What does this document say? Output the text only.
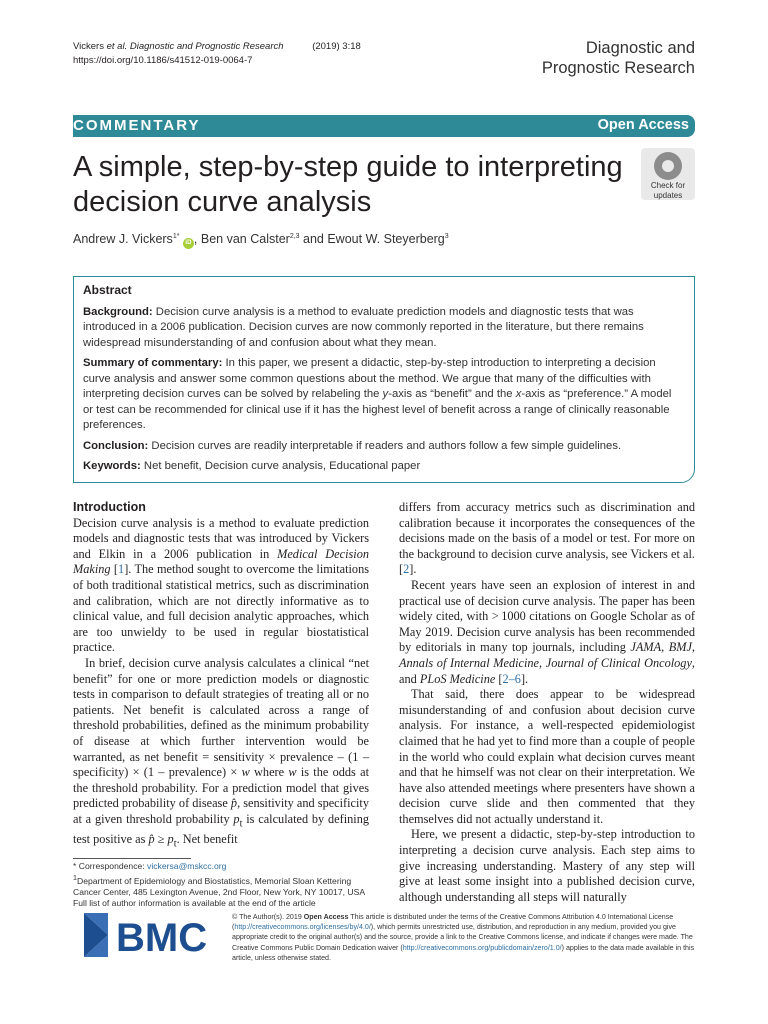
Vickers et al. Diagnostic and Prognostic Research	(2019) 3:18
https://doi.org/10.1186/s41512-019-0064-7
Diagnostic and
Prognostic Research
COMMENTARY	Open Access
A simple, step-by-step guide to interpreting decision curve analysis
Check for
updates
Andrew J. Vickers$^{1*}$ iD , Ben van Calster$^{2,3}$ and Ewout W. Steyerberg$^3$
Abstract

Background: Decision curve analysis is a method to evaluate prediction models and diagnostic tests that was introduced in a 2006 publication. Decision curves are now commonly reported in the literature, but there remains widespread misunderstanding of and confusion about what they mean.

Summary of commentary: In this paper, we present a didactic, step-by-step introduction to interpreting a decision curve analysis and answer some common questions about the method. We argue that many of the difficulties with interpreting decision curves can be solved by relabeling the y-axis as “benefit” and the x-axis as “preference.” A model or test can be recommended for clinical use if it has the highest level of benefit across a range of clinically reasonable preferences.

Conclusion: Decision curves are readily interpretable if readers and authors follow a few simple guidelines.

Keywords: Net benefit, Decision curve analysis, Educational paper

Introduction

Decision curve analysis is a method to evaluate prediction models and diagnostic tests that was introduced by Vickers and Elkin in a 2006 publication in Medical Decision Making [1]. The method sought to overcome the limitations of both traditional statistical metrics, such as discrimination and calibration, which are not directly informative as to clinical value, and full decision analytic approaches, which are too unwieldy to be used in regular biostatistical practice.

In brief, decision curve analysis calculates a clinical “net benefit” for one or more prediction models or diagnostic tests in comparison to default strategies of treating all or no patients. Net benefit is calculated across a range of threshold probabilities, defined as the minimum probability of disease at which further intervention would be warranted, as net benefit = sensitivity × prevalence – (1 – specificity) × (1 – prevalence) × w where w is the odds at the threshold probability. For a prediction model that gives predicted probability of disease p̂, sensitivity and specificity at a given threshold probability $p_t$ is calculated by defining test positive as p̂ ≥ $p_t$. Net benefit

differs from accuracy metrics such as discrimination and calibration because it incorporates the consequences of the decisions made on the basis of a model or test. For more on the background to decision curve analysis, see Vickers et al. [2].

Recent years have seen an explosion of interest in and practical use of decision curve analysis. The paper has been widely cited, with > 1000 citations on Google Scholar as of May 2019. Decision curve analysis has been recommended by editorials in many top journals, including JAMA, BMJ, Annals of Internal Medicine, Journal of Clinical Oncology, and PLoS Medicine [2–6].

That said, there does appear to be widespread misunderstanding of and confusion about decision curve analysis. For instance, a well-respected epidemiologist claimed that he had yet to find more than a couple of people in the world who could explain what decision curves meant and that he himself was not clear on their interpretation. We have also attended meetings where presenters have shown a decision curve slide and then commented that they themselves did not actually understand it.

Here, we present a didactic, step-by-step introduction to interpreting a decision curve analysis. Each step aims to give increasing understanding. Mastery of any step will give at least some insight into a published decision curve, although understanding all steps will naturally

* Correspondence: vickersa@mskcc.org
$^1$Department of Epidemiology and Biostatistics, Memorial Sloan Kettering Cancer Center, 485 Lexington Avenue, 2nd Floor, New York, NY 10017, USA
Full list of author information is available at the end of the article
BMC	© The Author(s). 2019 Open Access This article is distributed under the terms of the Creative Commons Attribution 4.0 International License (http://creativecommons.org/licenses/by/4.0/), which permits unrestricted use, distribution, and reproduction in any medium, provided you give appropriate credit to the original author(s) and the source, provide a link to the Creative Commons license, and indicate if changes were made. The Creative Commons Public Domain Dedication waiver (http://creativecommons.org/publicdomain/zero/1.0/) applies to the data made available in this article, unless otherwise stated.
